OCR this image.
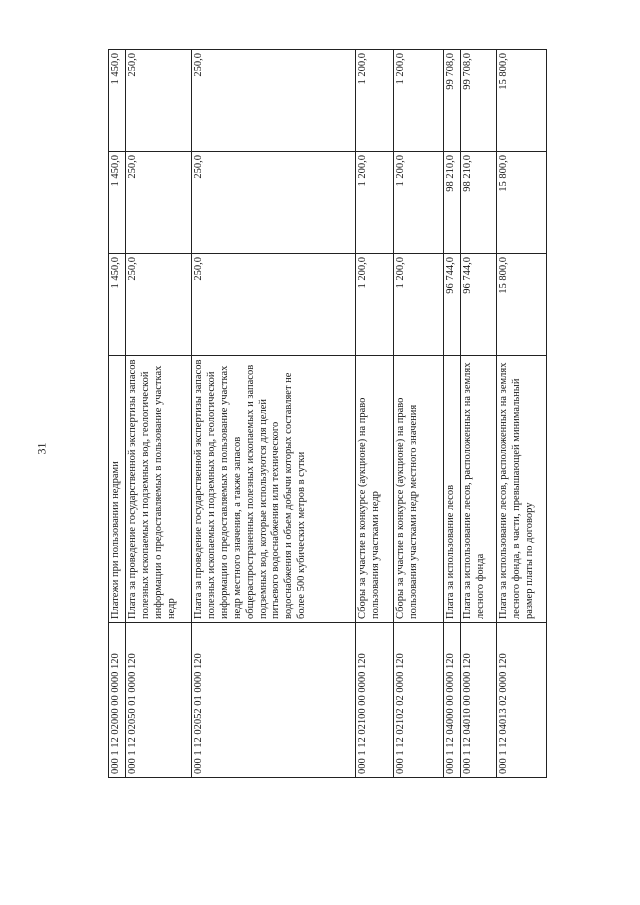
31
000 1 12 02000 00 0000 120	Платежи при пользовании недрами	1 450,0	1 450,0	1 450,0
000 1 12 02050 01 0000 120	Плата за проведение государственной экспертизы запасов полезных ископаемых и подземных вод, геологической информации о предоставляемых в пользование участках недр	250,0	250,0	250,0
000 1 12 02052 01 0000 120	Плата за проведение государственной экспертизы запасов полезных ископаемых и подземных вод, геологической информации о предоставляемых в пользование участках недр местного значения, а также запасов общераспространенных полезных ископаемых и запасов подземных вод, которые используются для целей питьевого водоснабжения или технического водоснабжения и объем добычи которых составляет не более 500 кубических метров в сутки	250,0	250,0	250,0
000 1 12 02100 00 0000 120	Сборы за участие в конкурсе (аукционе) на право пользования участками недр	1 200,0	1 200,0	1 200,0
000 1 12 02102 02 0000 120	Сборы за участие в конкурсе (аукционе) на право пользования участками недр местного значения	1 200,0	1 200,0	1 200,0
000 1 12 04000 00 0000 120	Плата за использование лесов	96 744,0	98 210,0	99 708,0
000 1 12 04010 00 0000 120	Плата за использование лесов, расположенных на землях лесного фонда	96 744,0	98 210,0	99 708,0
000 1 12 04013 02 0000 120	Плата за использование лесов, расположенных на землях лесного фонда, в части, превышающей минимальный размер платы по договору	15 800,0	15 800,0	15 800,0
